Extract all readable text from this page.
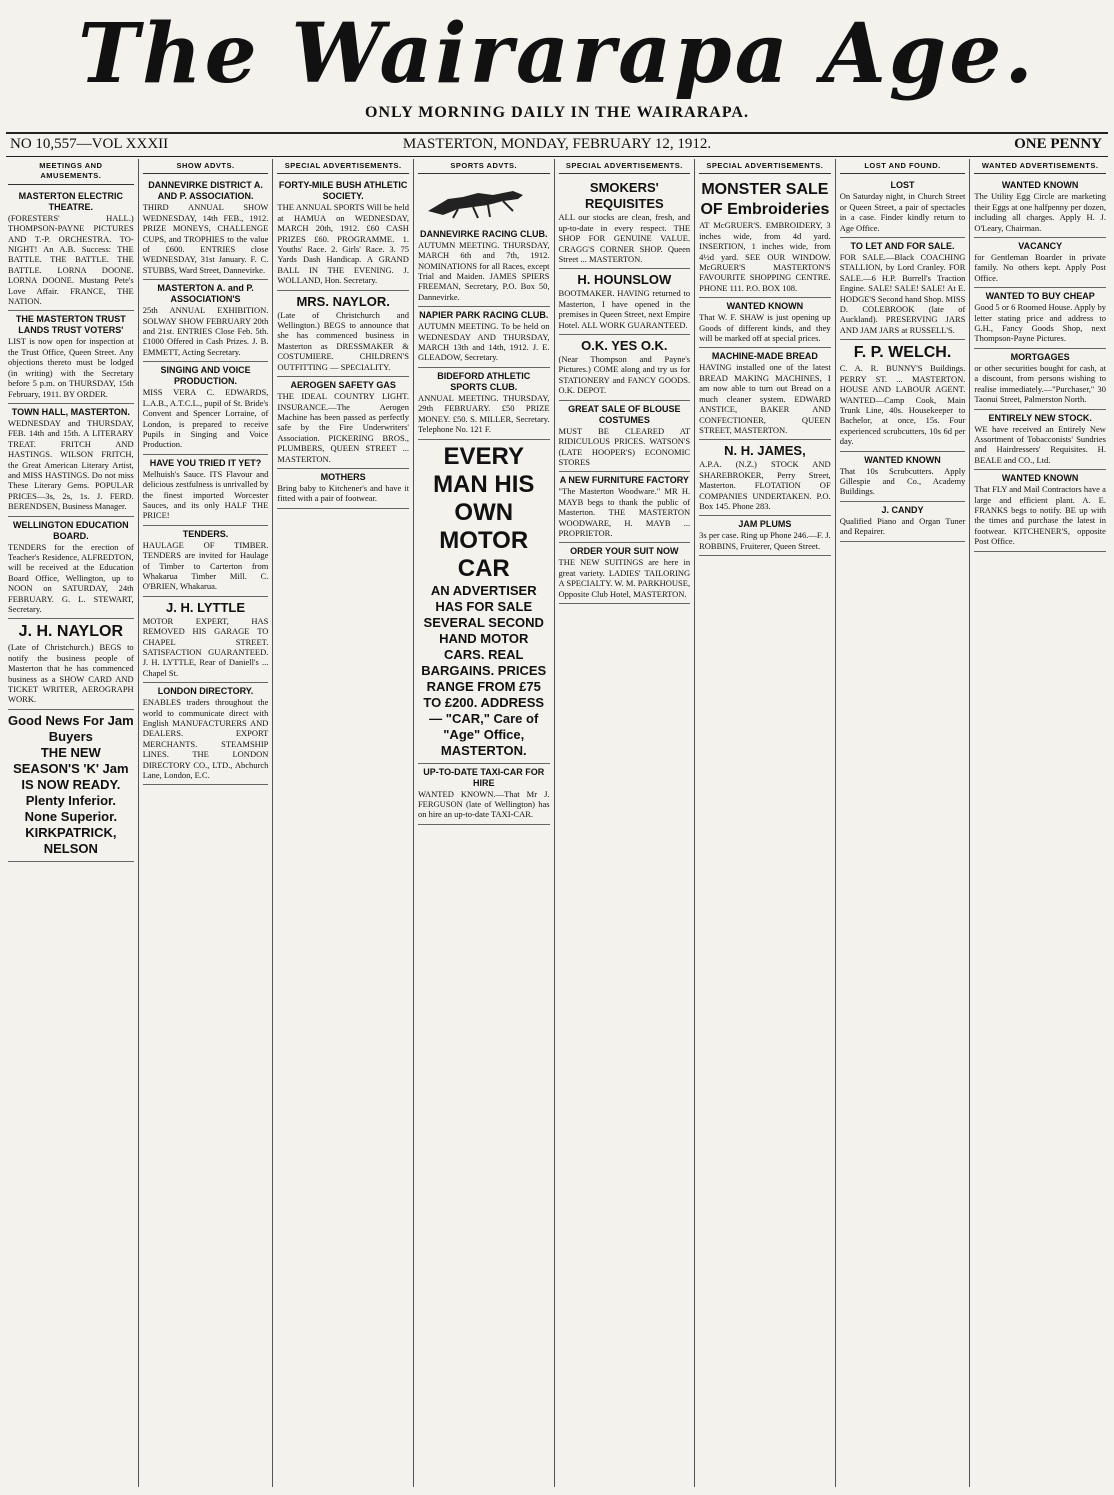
The Wairarapa Age.
ONLY MORNING DAILY IN THE WAIRARAPA.
NO 10,557—VOL XXXII	MASTERTON, MONDAY, FEBRUARY 12, 1912.	ONE PENNY
MEETINGS AND AMUSEMENTS.
MASTERTON ELECTRIC THEATRE.
(FORESTERS' HALL.) THOMPSON-PAYNE PICTURES AND T.-P. ORCHESTRA. TO-NIGHT! An A.B. Success: THE BATTLE. THE BATTLE. THE BATTLE. LORNA DOONE. LORNA DOONE. Mustang Pete's Love Affair. FRANCE, THE NATION.
THE MASTERTON TRUST LANDS TRUST VOTERS'
LIST is now open for inspection at the Trust Office, Queen Street. Any objections thereto must be lodged (in writing) with the Secretary before 5 p.m. on THURSDAY, 15th February, 1911. BY ORDER.
TOWN HALL, MASTERTON.
WEDNESDAY and THURSDAY, FEB. 14th and 15th. A LITERARY TREAT. FRITCH AND HASTINGS. WILSON FRITCH, the Great American Literary Artist, and MISS HASTINGS. Do not miss These Literary Gems. POPULAR PRICES—3s, 2s, 1s. J. FERD. BERENDSEN, Business Manager.
WELLINGTON EDUCATION BOARD.
TENDERS for the erection of Teacher's Residence, ALFREDTON, will be received at the Education Board Office, Wellington, up to NOON on SATURDAY, 24th FEBRUARY. G. L. STEWART, Secretary.
J. H. NAYLOR
(Late of Christchurch.) BEGS to notify the business people of Masterton that he has commenced business as a SHOW CARD AND TICKET WRITER, AEROGRAPH WORK.
Good News For Jam Buyers
THE NEW SEASON'S 'K' Jam IS NOW READY. Plenty Inferior. None Superior. KIRKPATRICK, NELSON
SHOW ADVTS.
DANNEVIRKE DISTRICT A. AND P. ASSOCIATION.
THIRD ANNUAL SHOW WEDNESDAY, 14th FEB., 1912. PRIZE MONEYS, CHALLENGE CUPS, and TROPHIES to the value of £600. ENTRIES close WEDNESDAY, 31st January. F. C. STUBBS, Ward Street, Dannevirke.
MASTERTON A. and P. ASSOCIATION'S
25th ANNUAL EXHIBITION. SOLWAY SHOW FEBRUARY 20th and 21st. ENTRIES Close Feb. 5th. £1000 Offered in Cash Prizes. J. B. EMMETT, Acting Secretary.
SINGING AND VOICE PRODUCTION.
MISS VERA C. EDWARDS, L.A.B., A.T.C.L., pupil of St. Bride's Convent and Spencer Lorraine, of London, is prepared to receive Pupils in Singing and Voice Production.
HAVE YOU TRIED IT YET?
Melhuish's Sauce. ITS Flavour and delicious zestfulness is unrivalled by the finest imported Worcester Sauces, and its only HALF THE PRICE!
TENDERS.
HAULAGE OF TIMBER. TENDERS are invited for Haulage of Timber to Carterton from Whakarua Timber Mill. C. O'BRIEN, Whakarua.
J. H. LYTTLE
MOTOR EXPERT, HAS REMOVED HIS GARAGE TO CHAPEL STREET. SATISFACTION GUARANTEED. J. H. LYTTLE, Rear of Daniell's ... Chapel St.
LONDON DIRECTORY.
ENABLES traders throughout the world to communicate direct with English MANUFACTURERS AND DEALERS. EXPORT MERCHANTS. STEAMSHIP LINES. THE LONDON DIRECTORY CO., LTD., Abchurch Lane, London, E.C.
SPECIAL ADVERTISEMENTS.
FORTY-MILE BUSH ATHLETIC SOCIETY.
THE ANNUAL SPORTS Will be held at HAMUA on WEDNESDAY, MARCH 20th, 1912. £60 CASH PRIZES £60. PROGRAMME. 1. Youths' Race. 2. Girls' Race. 3. 75 Yards Dash Handicap. A GRAND BALL IN THE EVENING. J. WOLLAND, Hon. Secretary.
MRS. NAYLOR.
(Late of Christchurch and Wellington.) BEGS to announce that she has commenced business in Masterton as DRESSMAKER & COSTUMIERE. CHILDREN'S OUTFITTING — SPECIALITY.
AEROGEN SAFETY GAS
THE IDEAL COUNTRY LIGHT. INSURANCE.—The Aerogen Machine has been passed as perfectly safe by the Fire Underwriters' Association. PICKERING BROS., PLUMBERS, QUEEN STREET ... MASTERTON.
MOTHERS
Bring baby to Kitchener's and have it fitted with a pair of footwear.
SPORTS ADVTS.
DANNEVIRKE RACING CLUB.
AUTUMN MEETING. THURSDAY, MARCH 6th and 7th, 1912. NOMINATIONS for all Races, except Trial and Maiden. JAMES SPIERS FREEMAN, Secretary, P.O. Box 50, Dannevirke.
NAPIER PARK RACING CLUB.
AUTUMN MEETING. To be held on WEDNESDAY AND THURSDAY, MARCH 13th and 14th, 1912. J. E. GLEADOW, Secretary.
BIDEFORD ATHLETIC SPORTS CLUB.
ANNUAL MEETING. THURSDAY, 29th FEBRUARY. £50 PRIZE MONEY. £50. S. MILLER, Secretary. Telephone No. 121 F.
EVERY MAN HIS OWN MOTOR CAR
AN ADVERTISER HAS FOR SALE SEVERAL SECOND HAND MOTOR CARS. REAL BARGAINS. PRICES RANGE FROM £75 TO £200. ADDRESS— "CAR," Care of "Age" Office, MASTERTON.
UP-TO-DATE TAXI-CAR FOR HIRE
WANTED KNOWN.—That Mr J. FERGUSON (late of Wellington) has on hire an up-to-date TAXI-CAR.
SPECIAL ADVERTISEMENTS.
SMOKERS' REQUISITES
ALL our stocks are clean, fresh, and up-to-date in every respect. THE SHOP FOR GENUINE VALUE. CRAGG'S CORNER SHOP. Queen Street ... MASTERTON.
H. HOUNSLOW
BOOTMAKER. HAVING returned to Masterton, I have opened in the premises in Queen Street, next Empire Hotel. ALL WORK GUARANTEED.
O.K. YES O.K.
(Near Thompson and Payne's Pictures.) COME along and try us for STATIONERY and FANCY GOODS. O.K. DEPOT.
GREAT SALE OF BLOUSE COSTUMES
MUST BE CLEARED AT RIDICULOUS PRICES. WATSON'S (LATE HOOPER'S) ECONOMIC STORES
A NEW FURNITURE FACTORY
"The Masterton Woodware." MR H. MAYB begs to thank the public of Masterton. THE MASTERTON WOODWARE, H. MAYB ... PROPRIETOR.
ORDER YOUR SUIT NOW
THE NEW SUITINGS are here in great variety. LADIES' TAILORING A SPECIALTY. W. M. PARKHOUSE, Opposite Club Hotel, MASTERTON.
SPECIAL ADVERTISEMENTS.
MONSTER SALE OF Embroideries
AT McGRUER'S. EMBROIDERY, 3 inches wide, from 4d yard. INSERTION, 1 inches wide, from 4½d yard. SEE OUR WINDOW. McGRUER'S MASTERTON'S FAVOURITE SHOPPING CENTRE. PHONE 111. P.O. BOX 108.
WANTED KNOWN
That W. F. SHAW is just opening up Goods of different kinds, and they will be marked off at special prices.
MACHINE-MADE BREAD
HAVING installed one of the latest BREAD MAKING MACHINES, I am now able to turn out Bread on a much cleaner system. EDWARD ANSTICE, BAKER AND CONFECTIONER, QUEEN STREET, MASTERTON.
N. H. JAMES,
A.P.A. (N.Z.) STOCK AND SHAREBROKER, Perry Street, Masterton. FLOTATION OF COMPANIES UNDERTAKEN. P.O. Box 145. Phone 283.
JAM PLUMS
3s per case. Ring up Phone 246.—F. J. ROBBINS, Fruiterer, Queen Street.
LOST AND FOUND.
LOST
On Saturday night, in Church Street or Queen Street, a pair of spectacles in a case. Finder kindly return to Age Office.
TO LET AND FOR SALE.
FOR SALE.—Black COACHING STALLION, by Lord Cranley. FOR SALE.—6 H.P. Burrell's Traction Engine. SALE! SALE! SALE! At E. HODGE'S Second hand Shop. MISS D. COLEBROOK (late of Auckland). PRESERVING JARS AND JAM JARS at RUSSELL'S.
F. P. WELCH.
C. A. R. BUNNY'S Buildings. PERRY ST. ... MASTERTON. HOUSE AND LABOUR AGENT. WANTED—Camp Cook, Main Trunk Line, 40s. Housekeeper to Bachelor, at once, 15s. Four experienced scrubcutters, 10s 6d per day.
WANTED KNOWN
That 10s Scrubcutters. Apply Gillespie and Co., Academy Buildings.
J. CANDY
Qualified Piano and Organ Tuner and Repairer.
WANTED ADVERTISEMENTS.
WANTED KNOWN
The Utility Egg Circle are marketing their Eggs at one halfpenny per dozen, including all charges. Apply H. J. O'Leary, Chairman.
VACANCY
for Gentleman Boarder in private family. No others kept. Apply Post Office.
WANTED TO BUY CHEAP
Good 5 or 6 Roomed House. Apply by letter stating price and address to G.H., Fancy Goods Shop, next Thompson-Payne Pictures.
MORTGAGES
or other securities bought for cash, at a discount, from persons wishing to realise immediately.—"Purchaser," 30 Taonui Street, Palmerston North.
ENTIRELY NEW STOCK.
WE have received an Entirely New Assortment of Tobacconists' Sundries and Hairdressers' Requisites. H. BEALE and CO., Ltd.
WANTED KNOWN
That FLY and Mail Contractors have a large and efficient plant. A. E. FRANKS begs to notify. BE up with the times and purchase the latest in footwear. KITCHENER'S, opposite Post Office.
